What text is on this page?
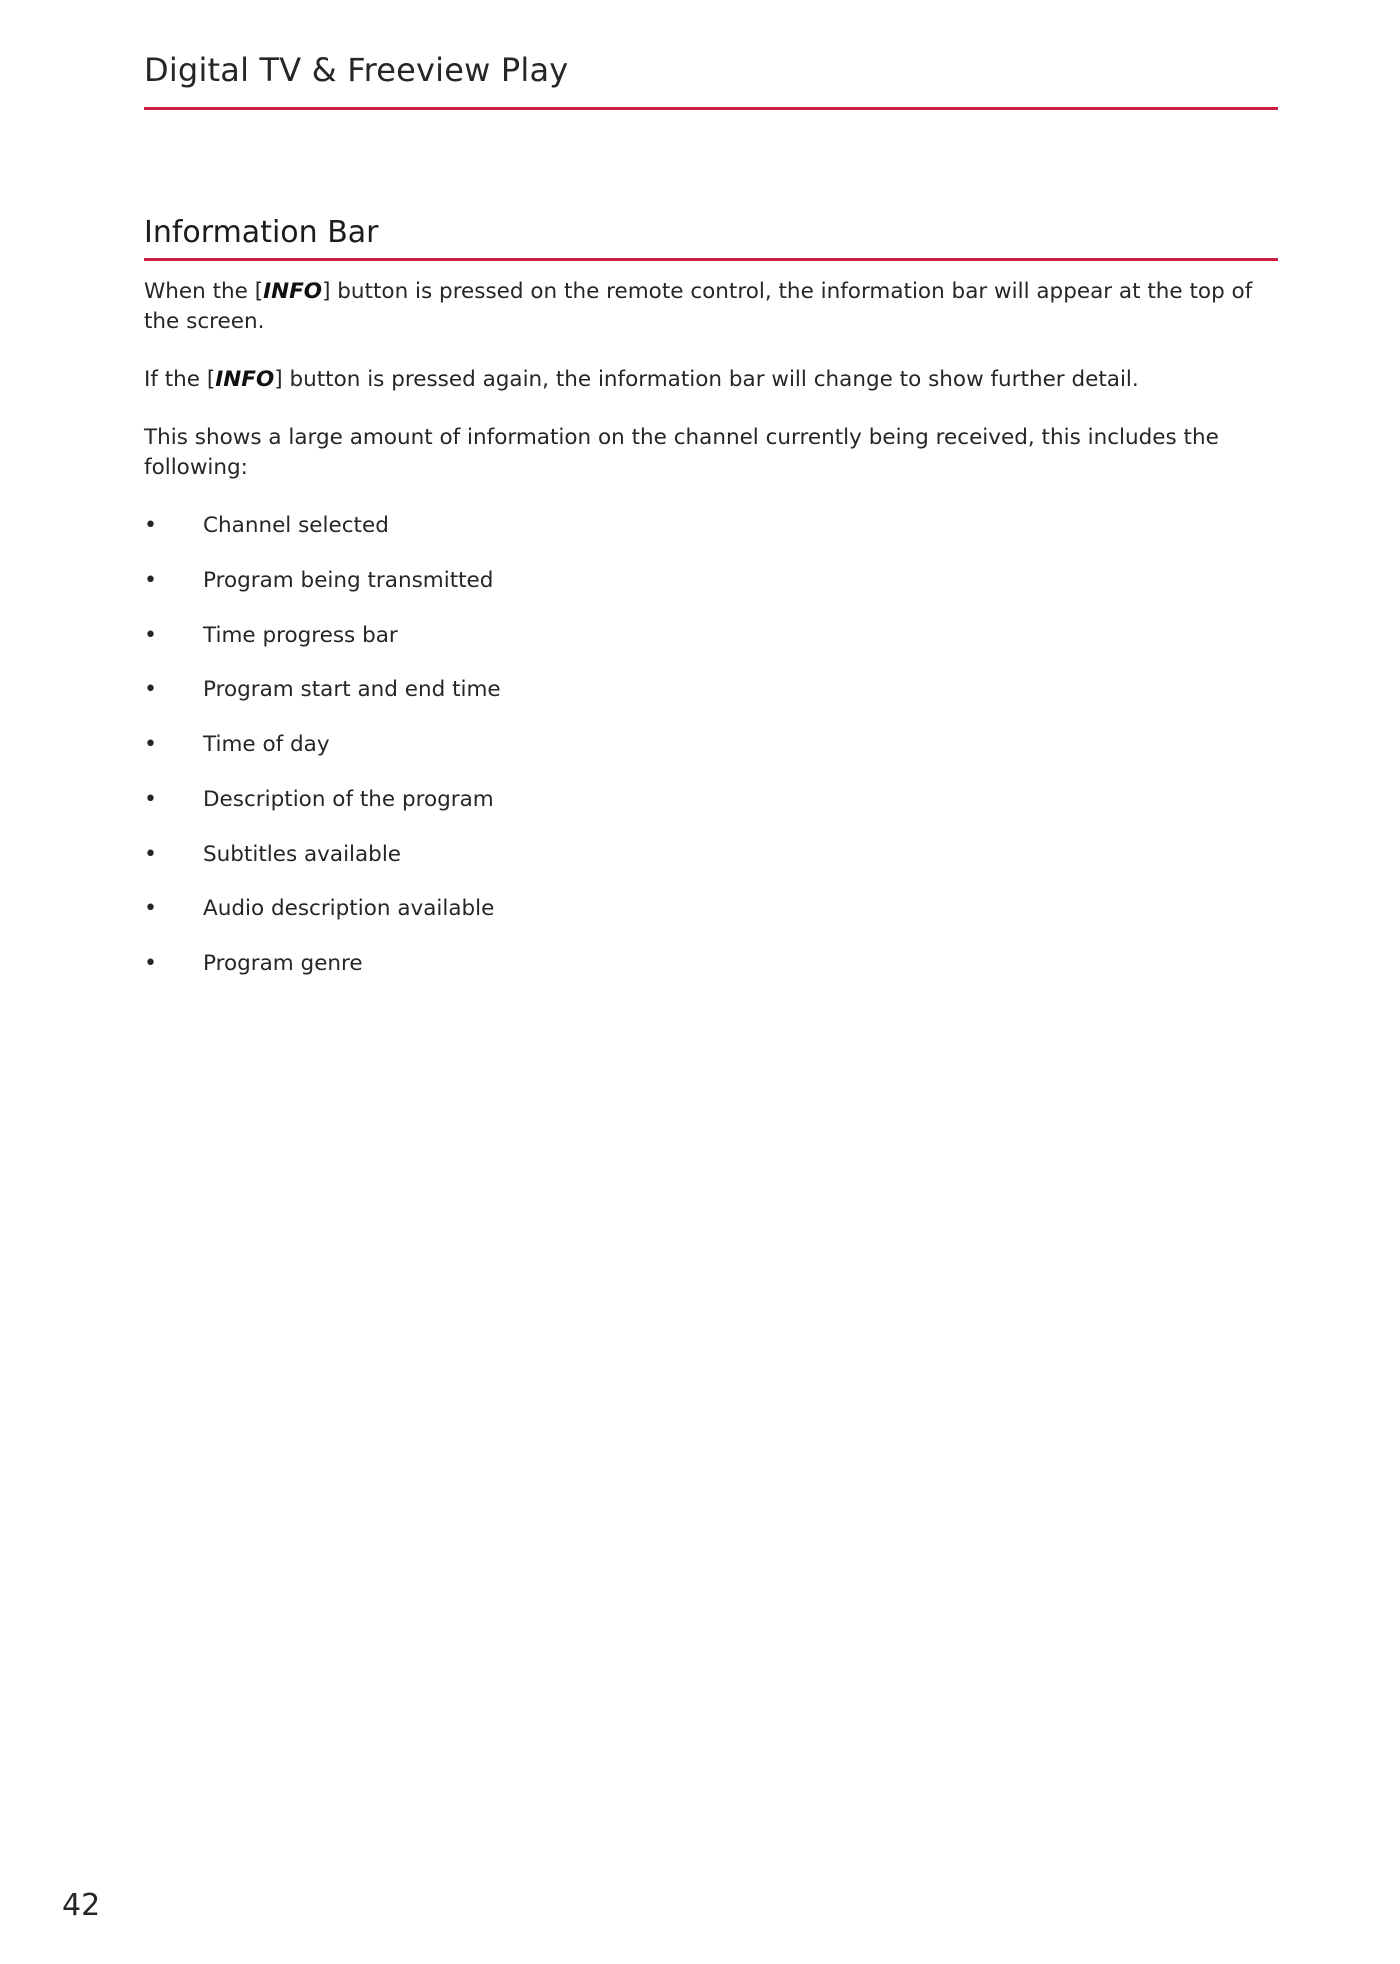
Digital TV & Freeview Play
Information Bar

When the [INFO] button is pressed on the remote control, the information bar will appear at the top of the screen.

If the [INFO] button is pressed again, the information bar will change to show further detail.

This shows a large amount of information on the channel currently being received, this includes the following:

•	Channel selected
•	Program being transmitted
•	Time progress bar
•	Program start and end time
•	Time of day
•	Description of the program
•	Subtitles available
•	Audio description available
•	Program genre
42
